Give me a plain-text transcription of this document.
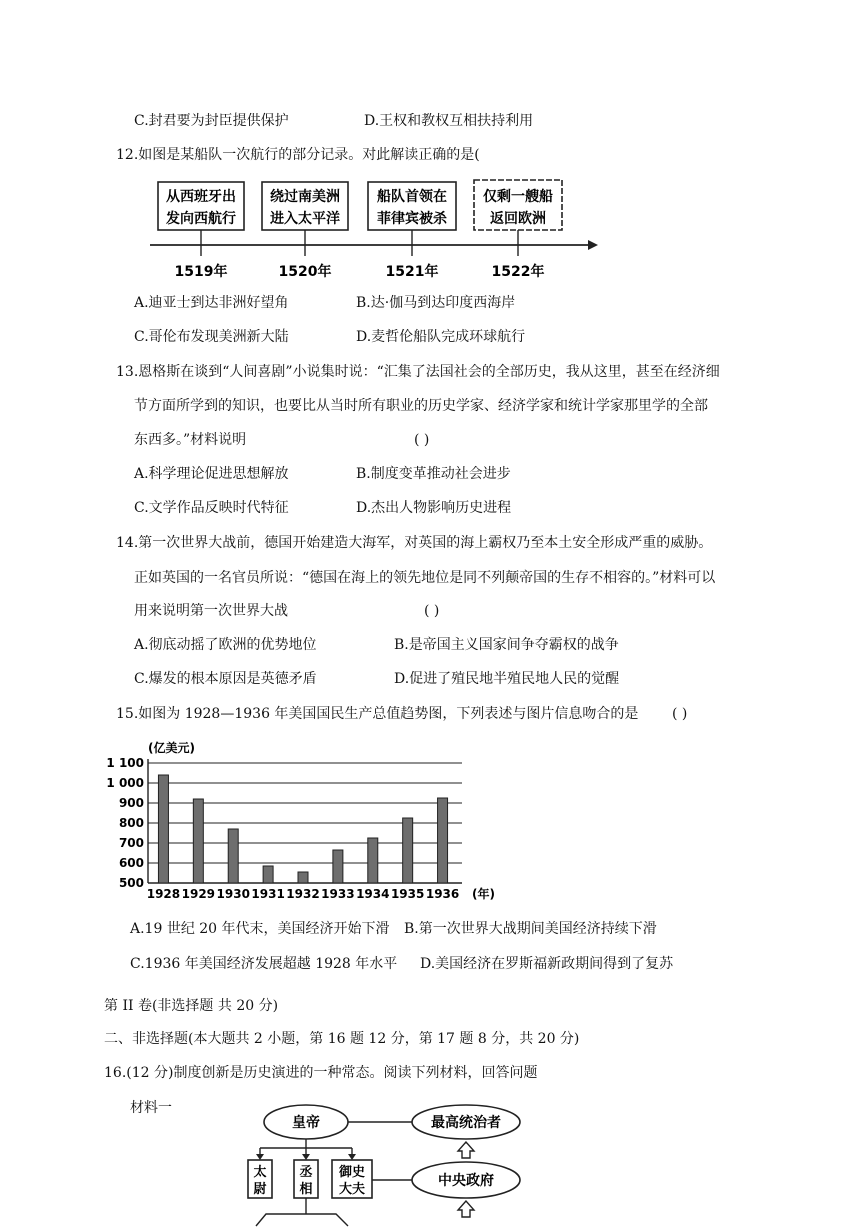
C.封君要为封臣提供保护	D.王权和教权互相扶持利用
12.如图是某船队一次航行的部分记录。对此解读正确的是(
从西班牙出
发向西航行
绕过南美洲
进入太平洋
船队首领在
菲律宾被杀
仅剩一艘船
返回欧洲
1519年	1520年	1521年	1522年
A.迪亚士到达非洲好望角	B.达·伽马到达印度西海岸
C.哥伦布发现美洲新大陆	D.麦哲伦船队完成环球航行
13.恩格斯在谈到“人间喜剧”小说集时说：“汇集了法国社会的全部历史，我从这里，甚至在经济细
节方面所学到的知识，也要比从当时所有职业的历史学家、经济学家和统计学家那里学的全部
东西多。”材料说明	( )
A.科学理论促进思想解放	B.制度变革推动社会进步
C.文学作品反映时代特征	D.杰出人物影响历史进程
14.第一次世界大战前，德国开始建造大海军，对英国的海上霸权乃至本土安全形成严重的威胁。
正如英国的一名官员所说：“德国在海上的领先地位是同不列颠帝国的生存不相容的。”材料可以
用来说明第一次世界大战	( )
A.彻底动摇了欧洲的优势地位	B.是帝国主义国家间争夺霸权的战争
C.爆发的根本原因是英德矛盾	D.促进了殖民地半殖民地人民的觉醒
15.如图为 1928—1936 年美国国民生产总值趋势图，下列表述与图片信息吻合的是 ( )
(亿美元)
(年)
500
600
700
800
900
1 000
1 100
1928 1929 1930 1931 1932 1933 1934 1935 1936
A.19 世纪 20 年代末，美国经济开始下滑 B.第一次世界大战期间美国经济持续下滑
C.1936 年美国经济发展超越 1928 年水平 D.美国经济在罗斯福新政期间得到了复苏
第 II 卷(非选择题 共 20 分)
二、非选择题(本大题共 2 小题，第 16 题 12 分，第 17 题 8 分，共 20 分)
16.(12 分)制度创新是历史演进的一种常态。阅读下列材料，回答问题
材料一
皇帝	最高统治者
太
尉
丞
相
御史
大夫
中央政府
